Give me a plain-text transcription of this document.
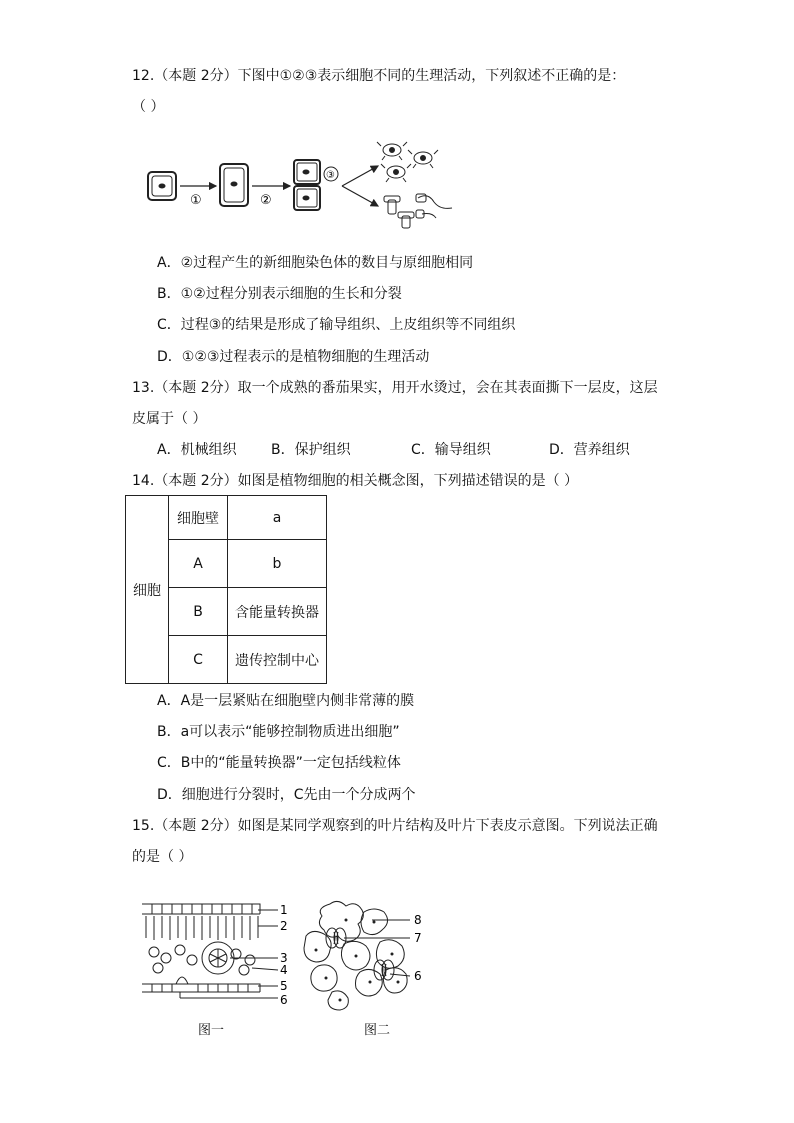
12.（本题 2分）下图中①②③表示细胞不同的生理活动，下列叙述不正确的是：
（ ）
①	②
③
A．②过程产生的新细胞染色体的数目与原细胞相同
B．①②过程分别表示细胞的生长和分裂
C．过程③的结果是形成了输导组织、上皮组织等不同组织
D．①②③过程表示的是植物细胞的生理活动
13.（本题 2分）取一个成熟的番茄果实，用开水烫过，会在其表面撕下一层皮，这层
皮属于（ ）
A．机械组织 B．保护组织	C．输导组织	D．营养组织
14.（本题 2分）如图是植物细胞的相关概念图，下列描述错误的是（ ）
细胞	细胞壁	a
	A	b
	B	含能量转换器
	C	遗传控制中心
A．A是一层紧贴在细胞壁内侧非常薄的膜
B．a可以表示“能够控制物质进出细胞”
C．B中的“能量转换器”一定包括线粒体
D．细胞进行分裂时，C先由一个分成两个
15.（本题 2分）如图是某同学观察到的叶片结构及叶片下表皮示意图。下列说法正确
的是（ ）
1
2
3
4
5
6
图一
8
7
6
图二
